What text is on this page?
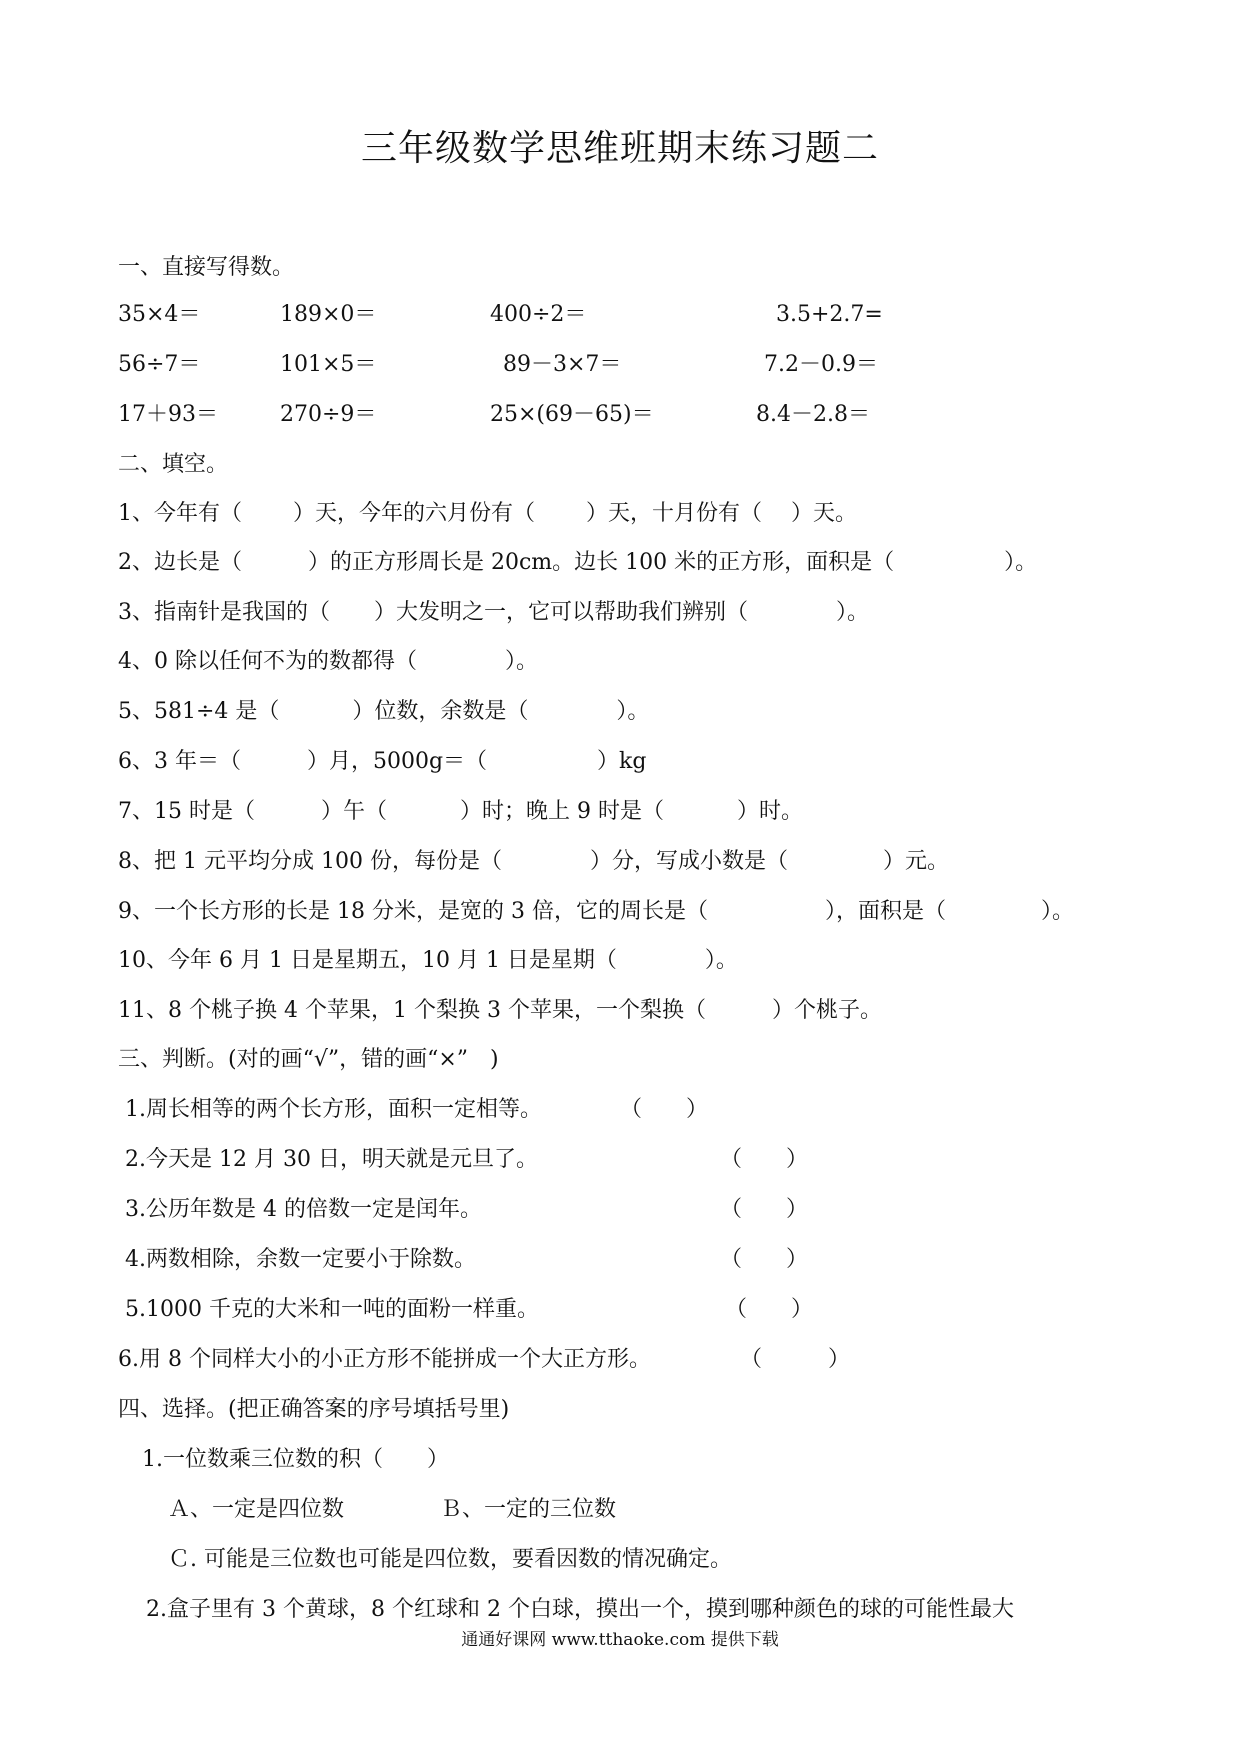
三年级数学思维班期末练习题二
一、直接写得数。
35×4＝	189×0＝	400÷2＝	3.5+2.7=
56÷7＝	101×5＝	89－3×7＝	7.2－0.9＝
17＋93＝	270÷9＝	25×(69－65)＝	8.4－2.8＝
二、填空。
1、今年有（　　 ）天，今年的六月份有（　　 ）天，十月份有（　 ）天。
2、边长是（　　　）的正方形周长是 20cm。边长 100 米的正方形，面积是（　　　　　）。
3、指南针是我国的（　　）大发明之一，它可以帮助我们辨别（　　　　）。
4、0 除以任何不为的数都得（　　　　）。
5、581÷4 是（　　　 ）位数，余数是（　　　　）。
6、3 年＝（　　　）月，5000g＝（　　　　　）kg
7、15 时是（　　　）午（　　　 ）时；晚上 9 时是（　　　 ）时。
8、把 1 元平均分成 100 份，每份是（　　　　）分，写成小数是（　　　　 ）元。
9、一个长方形的长是 18 分米，是宽的 3 倍，它的周长是（　　　　　 ），面积是（　　　　 ）。
10、今年 6 月 1 日是星期五，10 月 1 日是星期（　　　　）。
11、8 个桃子换 4 个苹果，1 个梨换 3 个苹果，一个梨换（　　　）个桃子。
三、判断。(对的画“√”，错的画“×”　)
1.周长相等的两个长方形，面积一定相等。	（　　）
2.今天是 12 月 30 日，明天就是元旦了。	（　　）
3.公历年数是 4 的倍数一定是闰年。	（　　）
4.两数相除，余数一定要小于除数。	（　　）
5.1000 千克的大米和一吨的面粉一样重。	（　　）
6.用 8 个同样大小的小正方形不能拼成一个大正方形。	（　　　）
四、选择。(把正确答案的序号填括号里)
1.一位数乘三位数的积（　　）
Ａ、一定是四位数	Ｂ、一定的三位数
Ｃ. 可能是三位数也可能是四位数，要看因数的情况确定。
2.盒子里有 3 个黄球，8 个红球和 2 个白球，摸出一个，摸到哪种颜色的球的可能性最大
通通好课网 www.tthaoke.com 提供下载
